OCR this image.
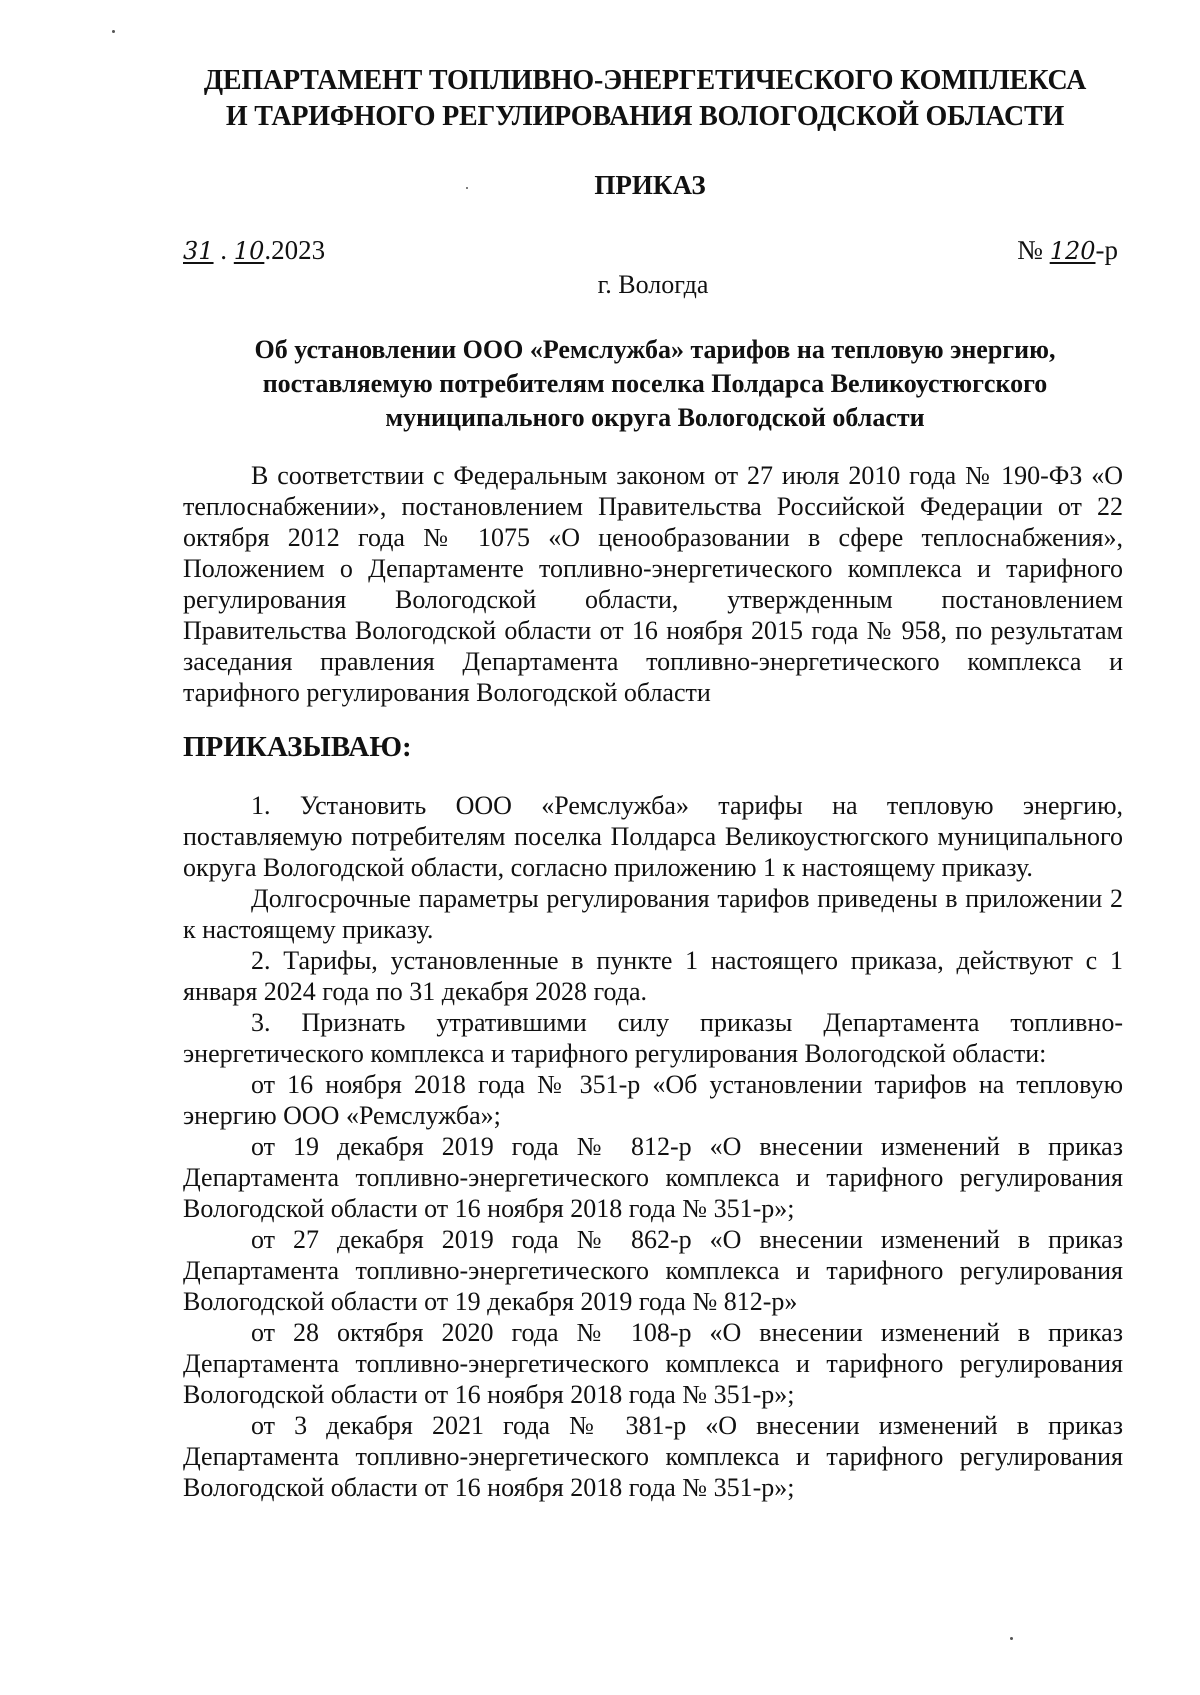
ДЕПАРТАМЕНТ ТОПЛИВНО-ЭНЕРГЕТИЧЕСКОГО КОМПЛЕКСА
И ТАРИФНОГО РЕГУЛИРОВАНИЯ ВОЛОГОДСКОЙ ОБЛАСТИ
ПРИКАЗ
31 . 10.2023	№ 120-р
г. Вологда
Об установлении ООО «Ремслужба» тарифов на тепловую энергию,
поставляемую потребителям поселка Полдарса Великоустюгского
муниципального округа Вологодской области

В соответствии с Федеральным законом от 27 июля 2010 года № 190-ФЗ «О теплоснабжении», постановлением Правительства Российской Федерации от 22 октября 2012 года № 1075 «О ценообразовании в сфере теплоснабжения», Положением о Департаменте топливно-энергетического комплекса и тарифного регулирования Вологодской области, утвержденным постановлением Правительства Вологодской области от 16 ноября 2015 года № 958, по результатам заседания правления Департамента топливно-энергетического комплекса и тарифного регулирования Вологодской области

ПРИКАЗЫВАЮ:

1. Установить ООО «Ремслужба» тарифы на тепловую энергию, поставляемую потребителям поселка Полдарса Великоустюгского муниципального округа Вологодской области, согласно приложению 1 к настоящему приказу.

Долгосрочные параметры регулирования тарифов приведены в приложении 2 к настоящему приказу.

2. Тарифы, установленные в пункте 1 настоящего приказа, действуют с 1 января 2024 года по 31 декабря 2028 года.

3. Признать утратившими силу приказы Департамента топливно-энергетического комплекса и тарифного регулирования Вологодской области:

от 16 ноября 2018 года № 351-р «Об установлении тарифов на тепловую энергию ООО «Ремслужба»;

от 19 декабря 2019 года № 812-р «О внесении изменений в приказ Департамента топливно-энергетического комплекса и тарифного регулирования Вологодской области от 16 ноября 2018 года № 351-р»;

от 27 декабря 2019 года № 862-р «О внесении изменений в приказ Департамента топливно-энергетического комплекса и тарифного регулирования Вологодской области от 19 декабря 2019 года № 812-р»

от 28 октября 2020 года № 108-р «О внесении изменений в приказ Департамента топливно-энергетического комплекса и тарифного регулирования Вологодской области от 16 ноября 2018 года № 351-р»;

от 3 декабря 2021 года № 381-р «О внесении изменений в приказ Департамента топливно-энергетического комплекса и тарифного регулирования Вологодской области от 16 ноября 2018 года № 351-р»;
